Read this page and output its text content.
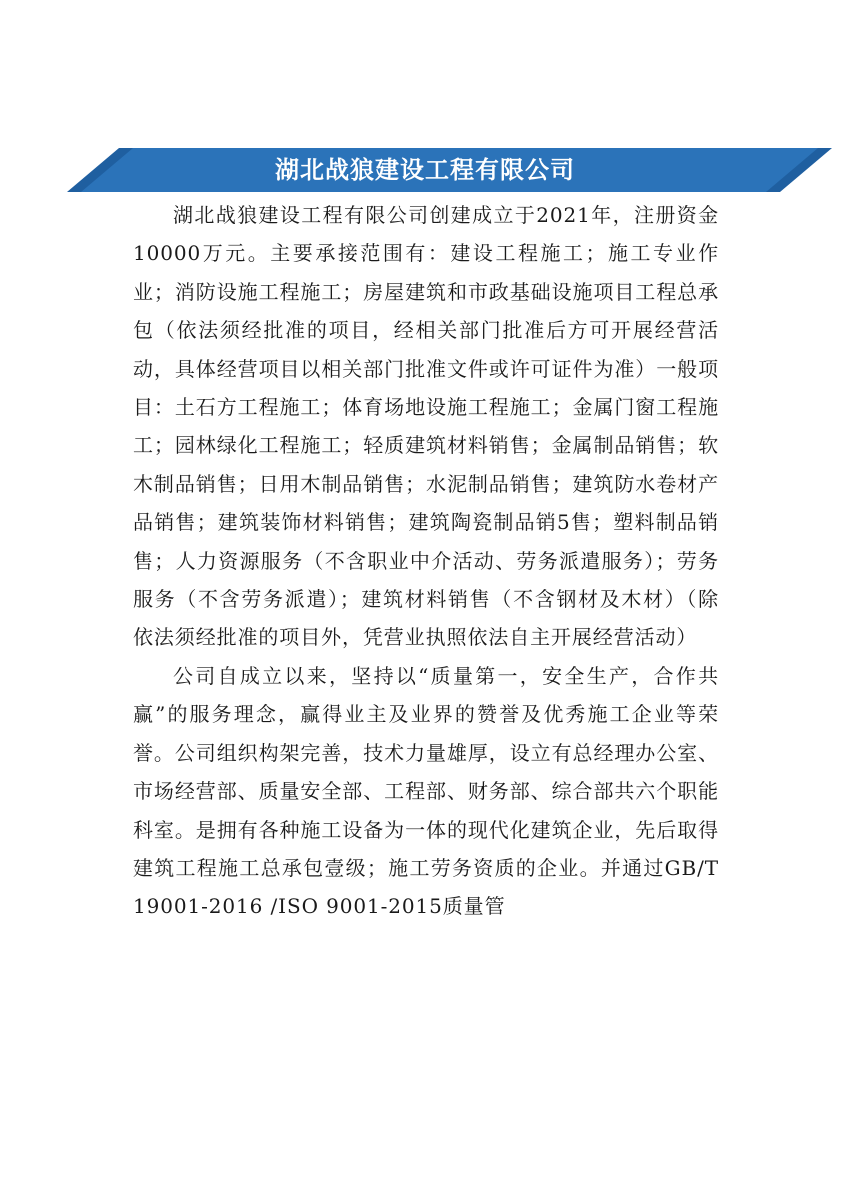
湖北战狼建设工程有限公司

湖北战狼建设工程有限公司创建成立于2021年，注册资金10000万元。主要承接范围有：建设工程施工；施工专业作业；消防设施工程施工；房屋建筑和市政基础设施项目工程总承包（依法须经批准的项目，经相关部门批准后方可开展经营活动，具体经营项目以相关部门批准文件或许可证件为准）一般项目：土石方工程施工；体育场地设施工程施工；金属门窗工程施工；园林绿化工程施工；轻质建筑材料销售；金属制品销售；软木制品销售；日用木制品销售；水泥制品销售；建筑防水卷材产品销售；建筑装饰材料销售；建筑陶瓷制品销5售；塑料制品销售；人力资源服务（不含职业中介活动、劳务派遣服务）；劳务服务（不含劳务派遣）；建筑材料销售（不含钢材及木材）（除依法须经批准的项目外，凭营业执照依法自主开展经营活动）

公司自成立以来，坚持以“质量第一，安全生产，合作共赢”的服务理念，赢得业主及业界的赞誉及优秀施工企业等荣誉。公司组织构架完善，技术力量雄厚，设立有总经理办公室、市场经营部、质量安全部、工程部、财务部、综合部共六个职能科室。是拥有各种施工设备为一体的现代化建筑企业，先后取得建筑工程施工总承包壹级；施工劳务资质的企业。并通过GB/T 19001-2016 /ISO 9001-2015质量管
